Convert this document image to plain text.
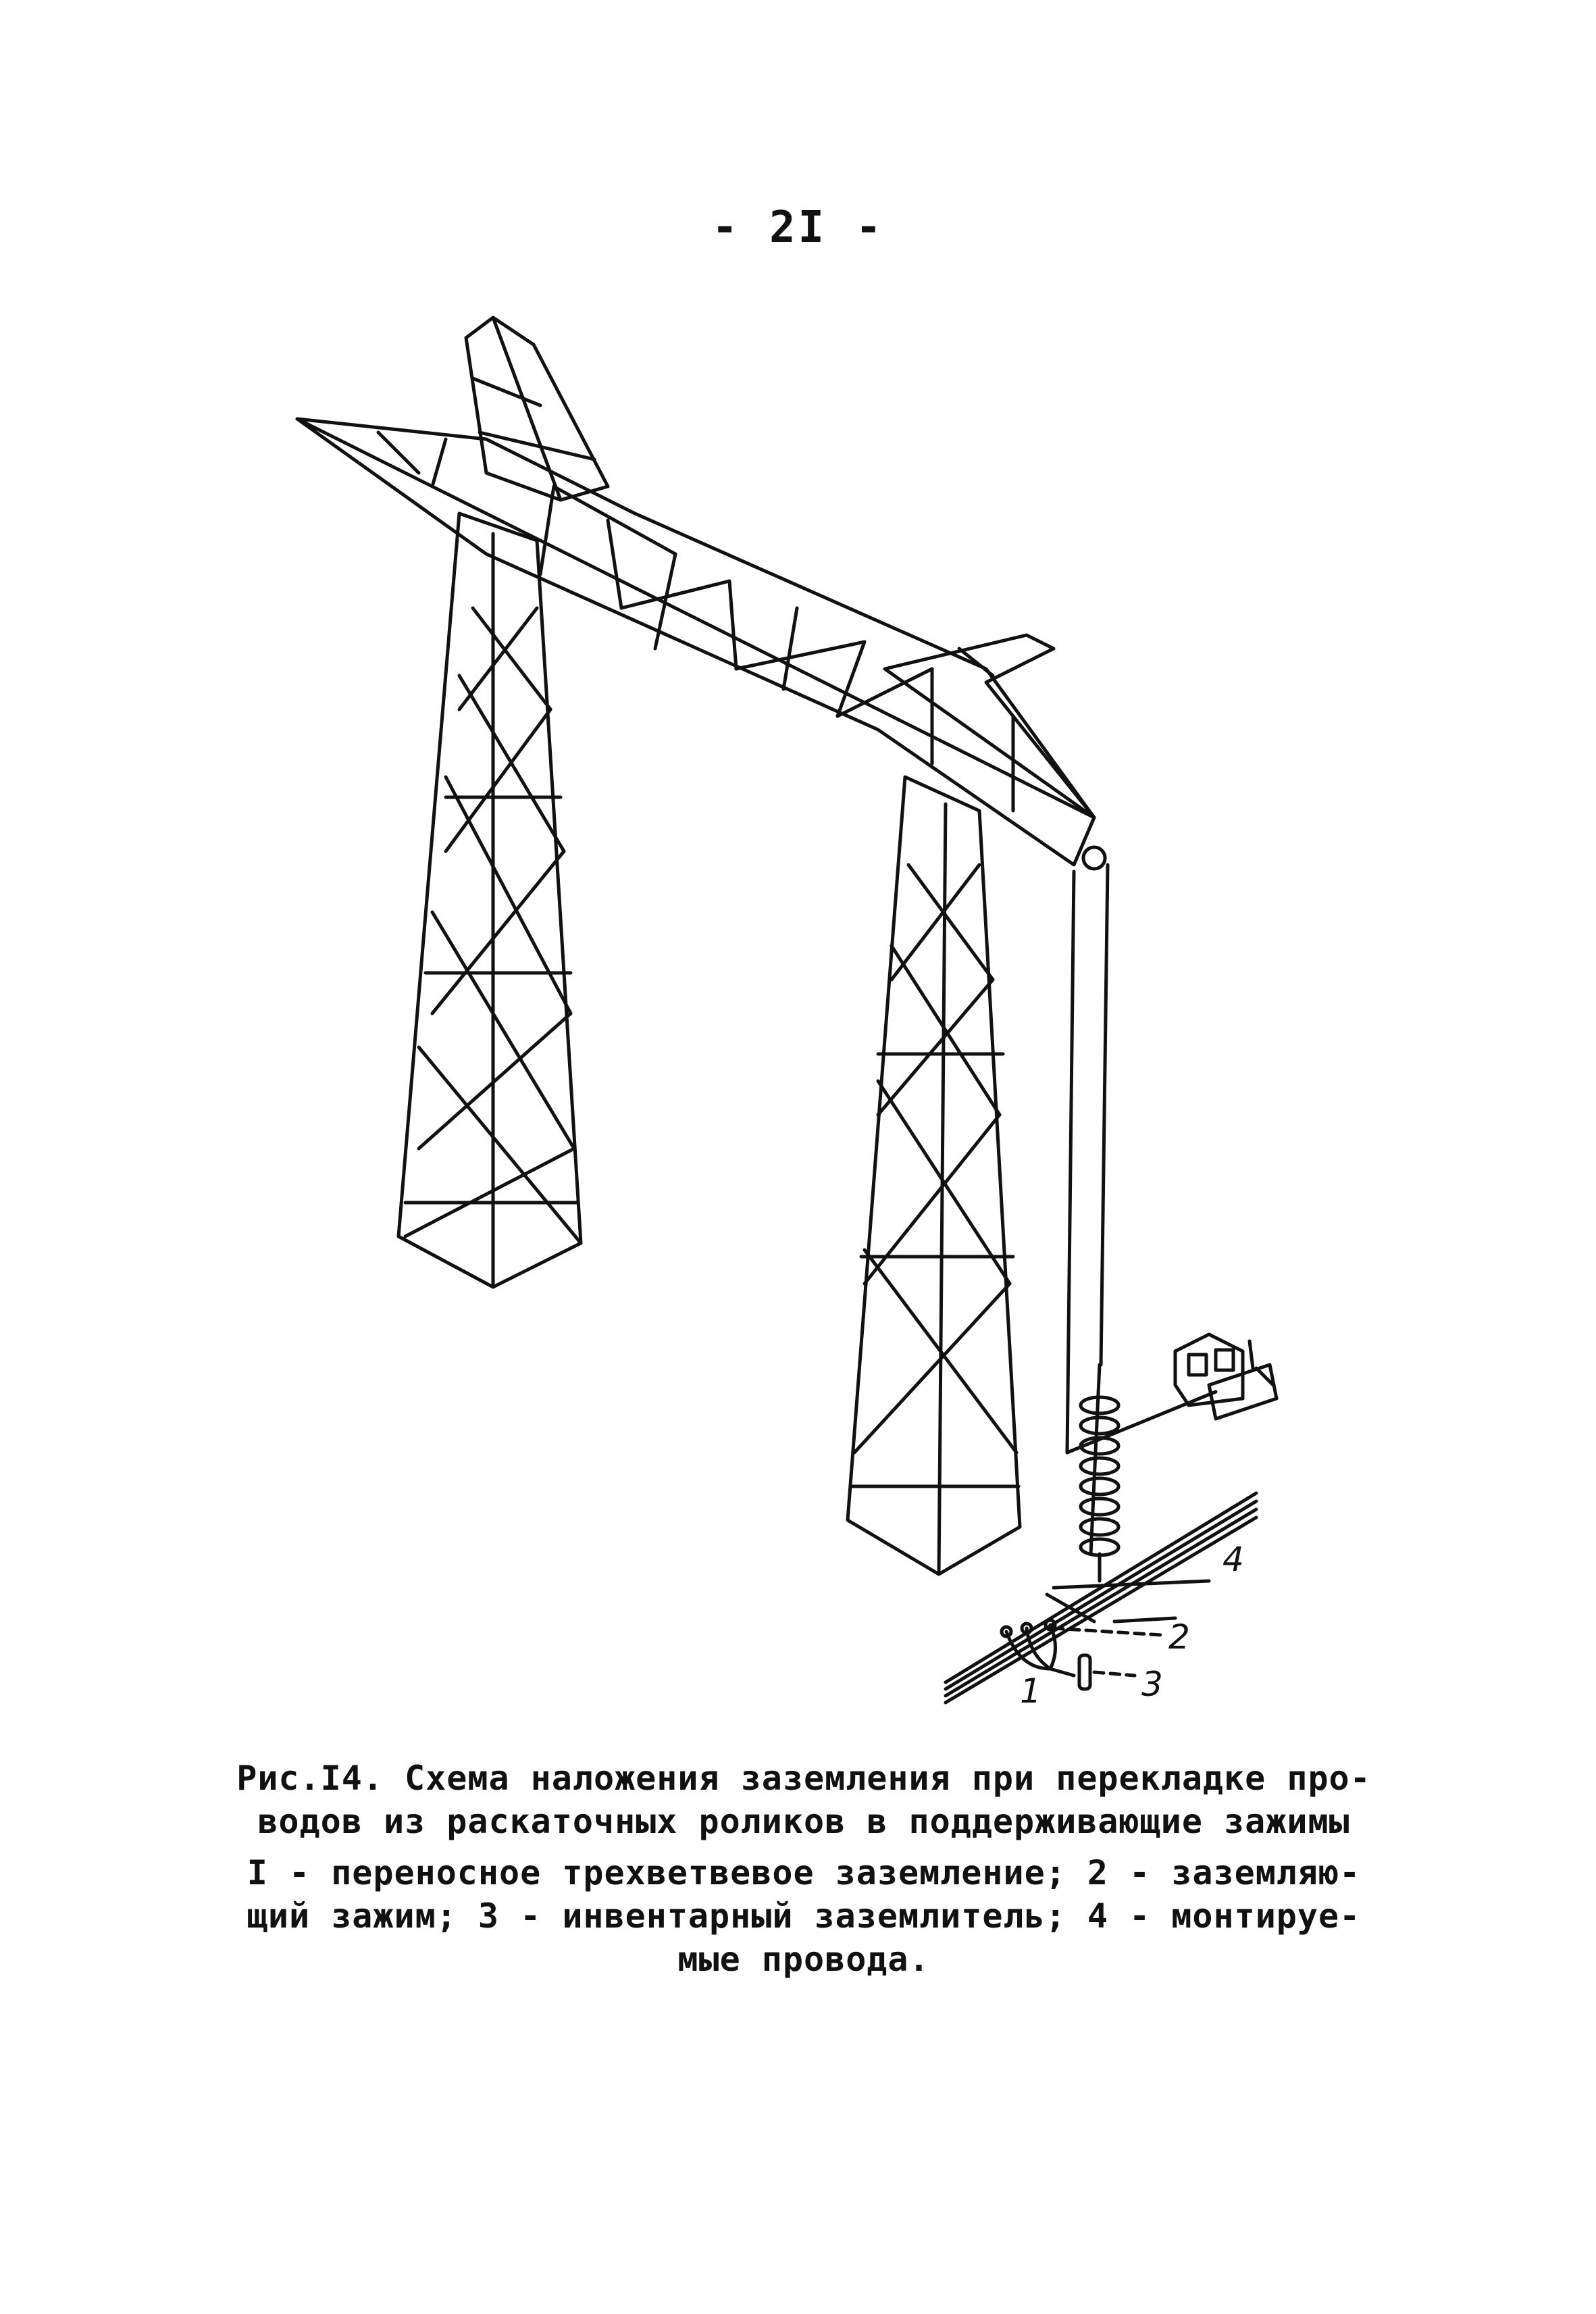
- 2I -
4
2
3
1
Рис.I4. Схема наложения заземления при перекладке про-
водов из раскаточных роликов в поддерживающие зажимы
I - переносное трехветвевое заземление; 2 - заземляю-
щий зажим; 3 - инвентарный заземлитель; 4 - монтируе-
мые провода.
